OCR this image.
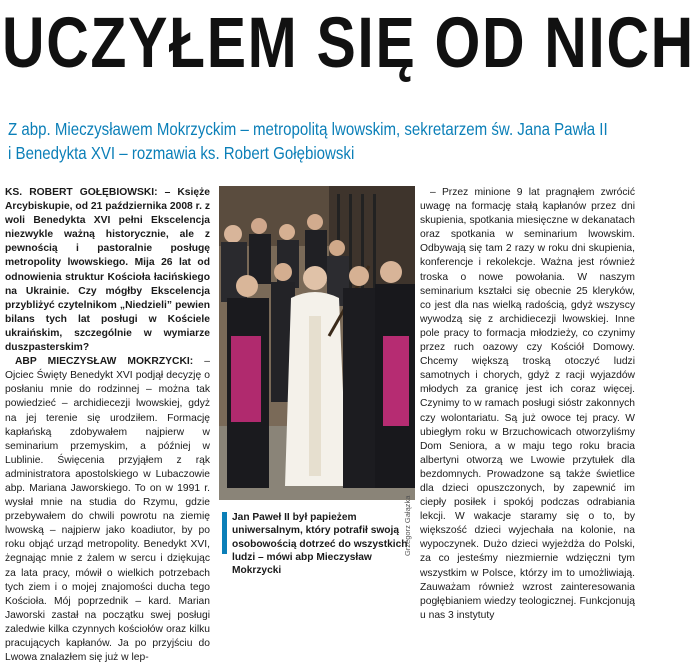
UCZYŁEM SIĘ OD NICH
Z abp. Mieczysławem Mokrzyckim – metropolitą lwowskim, sekretarzem św. Jana Pawła II
i Benedykta XVI – rozmawia ks. Robert Gołębiowski

KS. ROBERT GOŁĘBIOWSKI: – Księże Arcybiskupie, od 21 października 2008 r. z woli Benedykta XVI pełni Ekscelencja niezwykle ważną historycznie, ale z pewnością i pastoralnie posługę metropolity lwowskiego. Mija 26 lat od odnowienia struktur Kościoła łacińskiego na Ukrainie. Czy mógłby Ekscelencja przybliżyć czytelnikom „Niedzieli” pewien bilans tych lat posługi w Kościele ukraińskim, szczególnie w wymiarze duszpasterskim?

ABP MIECZYSŁAW MOKRZYCKI: – Ojciec Święty Benedykt XVI podjął decyzję o posłaniu mnie do rodzinnej – można tak powiedzieć – archidiecezji lwowskiej, gdyż na jej terenie się urodziłem. Formację kapłańską zdobywałem najpierw w seminarium przemyskim, a później w Lublinie. Święcenia przyjąłem z rąk administratora apostolskiego w Lubaczowie abp. Mariana Jaworskiego. To on w 1991 r. wysłał mnie na studia do Rzymu, gdzie przebywałem do chwili powrotu na ziemię lwowską – najpierw jako koadiutor, by po roku objąć urząd metropolity. Benedykt XVI, żegnając mnie z żalem w sercu i dziękując za lata pracy, mówił o wielkich potrzebach tych ziem i o mojej znajomości ducha tego Kościoła. Mój poprzednik – kard. Marian Jaworski zastał na początku swej posługi zaledwie kilka czynnych kościołów oraz kilku pracujących kapłanów. Ja po przyjściu do Lwowa znalazłem się już w lep-

Grzegorz Gałązka
Jan Paweł II był papieżem uniwersalnym, który potrafił swoją osobowością dotrzeć do wszystkich ludzi – mówi abp Mieczysław Mokrzycki

– Przez minione 9 lat pragnąłem zwrócić uwagę na formację stałą kapłanów przez dni skupienia, spotkania miesięczne w dekanatach oraz spotkania w seminarium lwowskim. Odbywają się tam 2 razy w roku dni skupienia, konferencje i rekolekcje. Ważna jest również troska o nowe powołania. W naszym seminarium kształci się obecnie 25 kleryków, co jest dla nas wielką radością, gdyż wszyscy wywodzą się z archidiecezji lwowskiej. Inne pole pracy to formacja młodzieży, co czynimy przez ruch oazowy czy Kościół Domowy. Chcemy większą troską otoczyć ludzi samotnych i chorych, gdyż z racji wyjazdów młodych za granicę jest ich coraz więcej. Czynimy to w ramach posługi sióstr zakonnych czy wolontariatu. Są już owoce tej pracy. W ubiegłym roku w Brzuchowicach otworzyliśmy Dom Seniora, a w maju tego roku bracia albertyni otworzą we Lwowie przytułek dla bezdomnych. Prowadzone są także świetlice dla dzieci opuszczonych, by zapewnić im ciepły posiłek i spokój podczas odrabiania lekcji. W wakacje staramy się o to, by większość dzieci wyjechała na kolonie, na wypoczynek. Dużo dzieci wyjeżdża do Polski, za co jesteśmy niezmiernie wdzięczni tym wszystkim w Polsce, którzy im to umożliwiają. Zauważam również wzrost zainteresowania pogłębianiem wiedzy teologicznej. Funkcjonują u nas 3 instytuty
